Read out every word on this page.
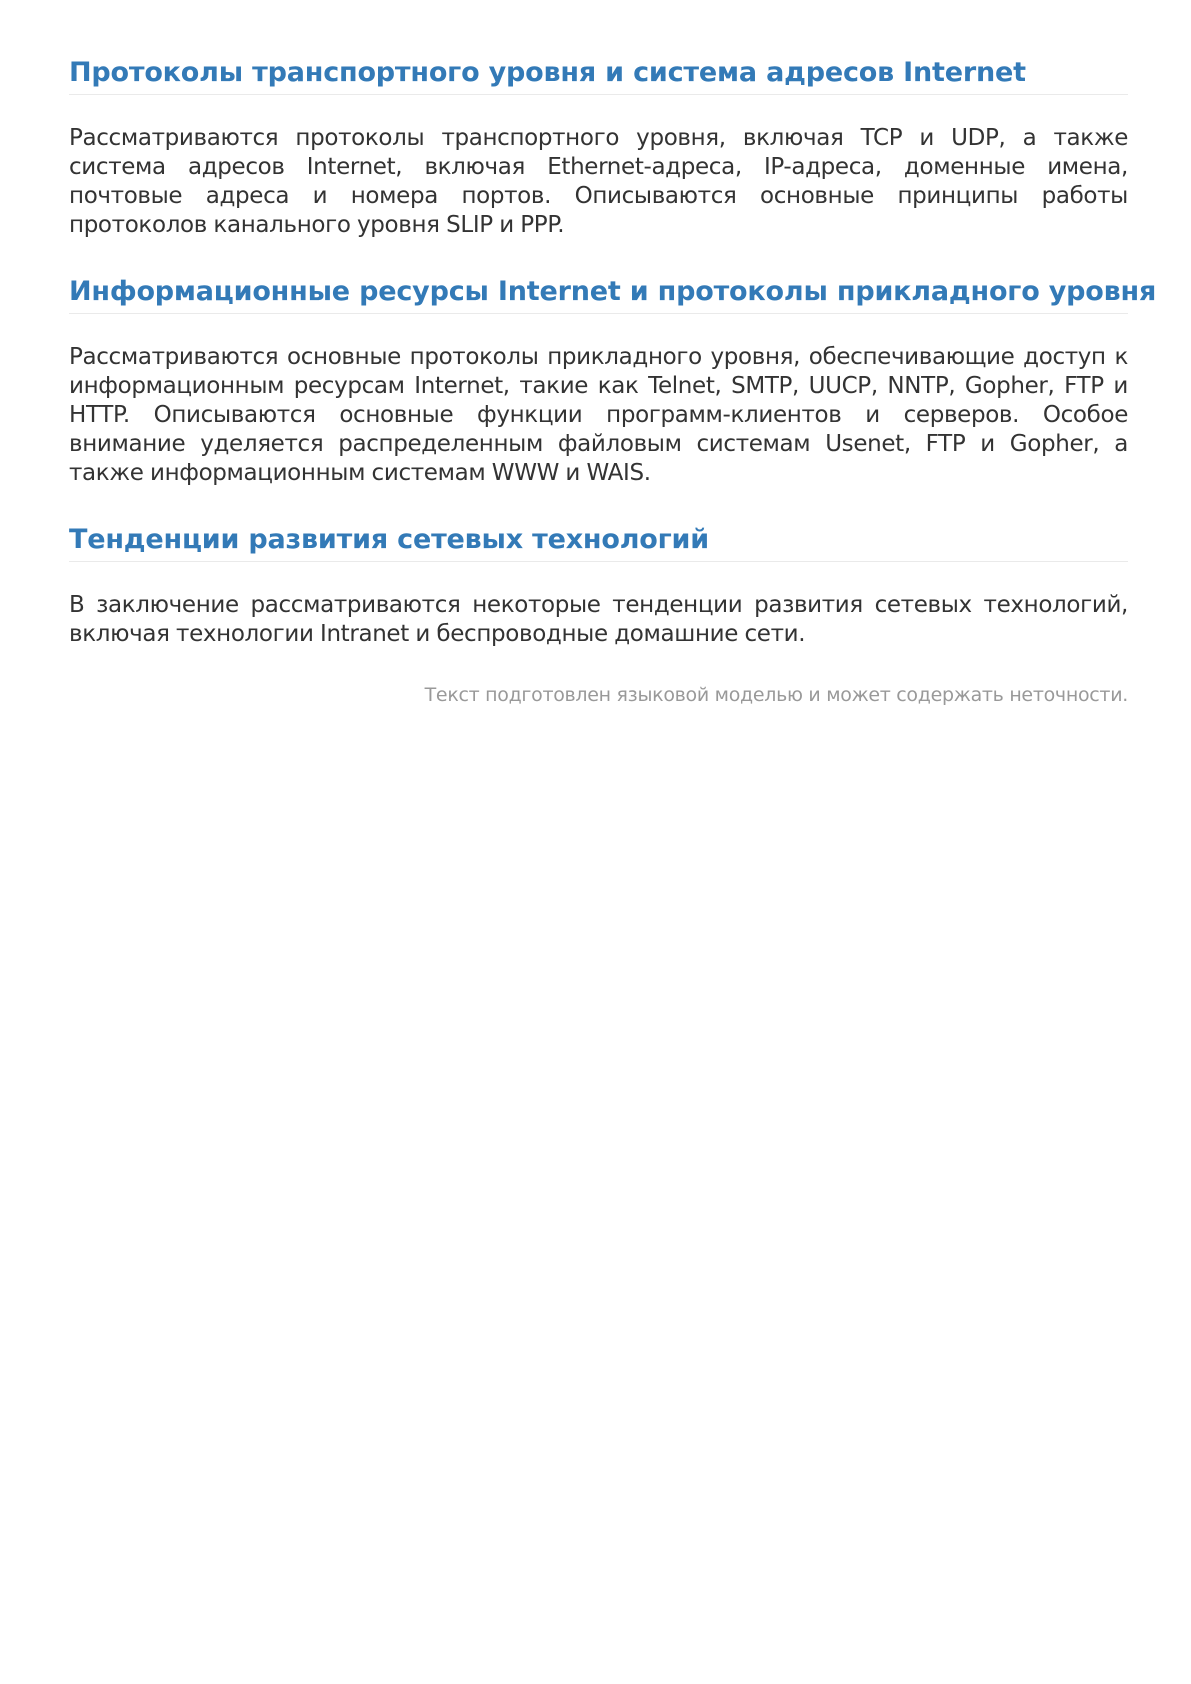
Протоколы транспортного уровня и система адресов Internet

Рассматриваются протоколы транспортного уровня, включая TCP и UDP, а также система адресов Internet, включая Ethernet-адреса, IP-адреса, доменные имена, почтовые адреса и номера портов. Описываются основные принципы работы протоколов канального уровня SLIP и PPP.

Информационные ресурсы Internet и протоколы прикладного уровня

Рассматриваются основные протоколы прикладного уровня, обеспечивающие доступ к информационным ресурсам Internet, такие как Telnet, SMTP, UUCP, NNTP, Gopher, FTP и HTTP. Описываются основные функции программ-клиентов и серверов. Особое внимание уделяется распределенным файловым системам Usenet, FTP и Gopher, а также информационным системам WWW и WAIS.

Тенденции развития сетевых технологий

В заключение рассматриваются некоторые тенденции развития сетевых технологий, включая технологии Intranet и беспроводные домашние сети.

Текст подготовлен языковой моделью и может содержать неточности.
